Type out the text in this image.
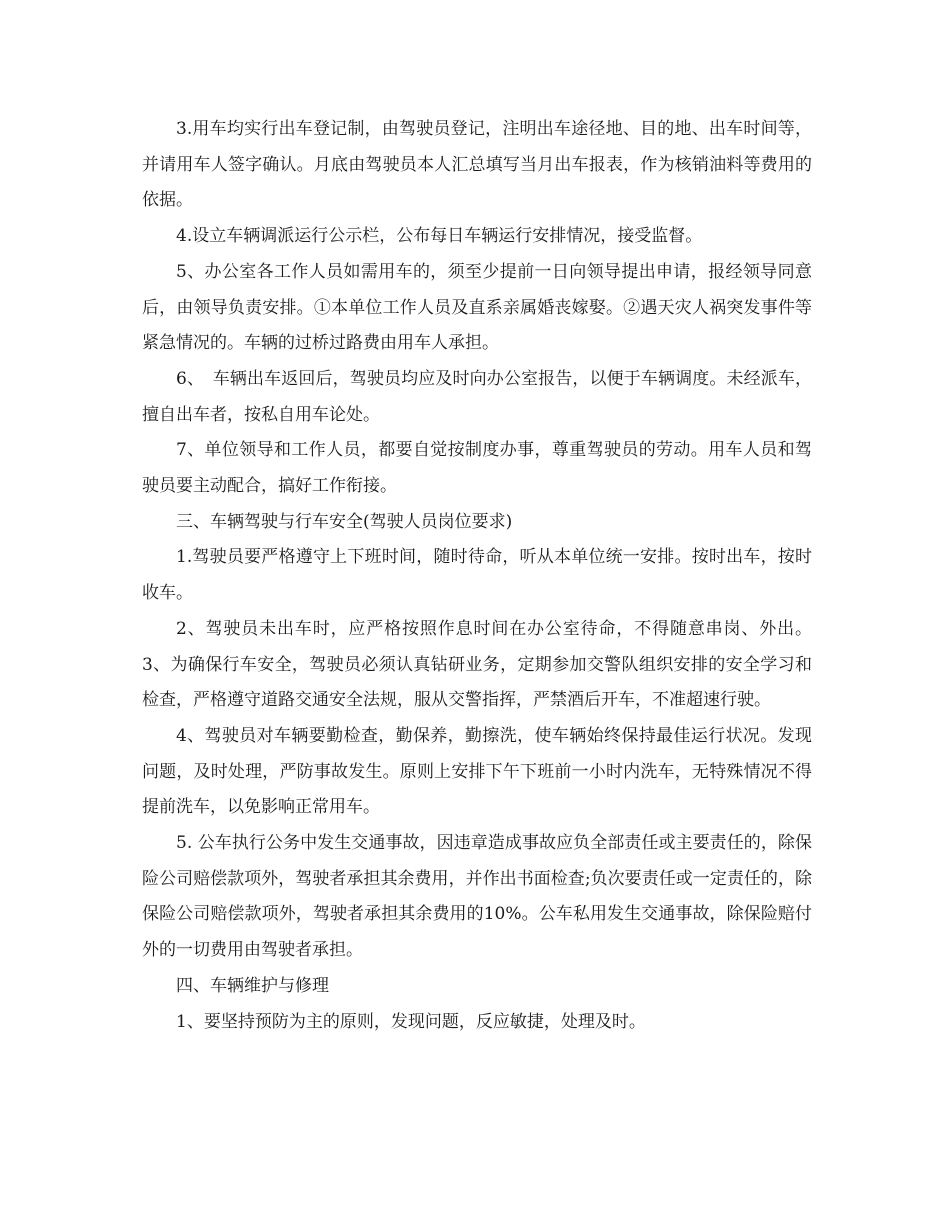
3.用车均实行出车登记制，由驾驶员登记，注明出车途径地、目的地、出车时间等，并请用车人签字确认。月底由驾驶员本人汇总填写当月出车报表，作为核销油料等费用的依据。

4.设立车辆调派运行公示栏，公布每日车辆运行安排情况，接受监督。

5、办公室各工作人员如需用车的，须至少提前一日向领导提出申请，报经领导同意后，由领导负责安排。①本单位工作人员及直系亲属婚丧嫁娶。②遇天灾人祸突发事件等紧急情况的。车辆的过桥过路费由用车人承担。

6、　车辆出车返回后，驾驶员均应及时向办公室报告，以便于车辆调度。未经派车，擅自出车者，按私自用车论处。

7、单位领导和工作人员，都要自觉按制度办事，尊重驾驶员的劳动。用车人员和驾驶员要主动配合，搞好工作衔接。

三、车辆驾驶与行车安全(驾驶人员岗位要求)

1.驾驶员要严格遵守上下班时间，随时待命，听从本单位统一安排。按时出车，按时收车。

2、驾驶员未出车时，应严格按照作息时间在办公室待命，不得随意串岗、外出。 3、为确保行车安全，驾驶员必须认真钻研业务，定期参加交警队组织安排的安全学习和检查，严格遵守道路交通安全法规，服从交警指挥，严禁酒后开车，不准超速行驶。

4、驾驶员对车辆要勤检查，勤保养，勤擦洗，使车辆始终保持最佳运行状况。发现问题，及时处理，严防事故发生。原则上安排下午下班前一小时内洗车，无特殊情况不得提前洗车，以免影响正常用车。

5. 公车执行公务中发生交通事故，因违章造成事故应负全部责任或主要责任的，除保险公司赔偿款项外，驾驶者承担其余费用，并作出书面检查;负次要责任或一定责任的，除保险公司赔偿款项外，驾驶者承担其余费用的10%。公车私用发生交通事故，除保险赔付外的一切费用由驾驶者承担。

四、车辆维护与修理

1、要坚持预防为主的原则，发现问题，反应敏捷，处理及时。
